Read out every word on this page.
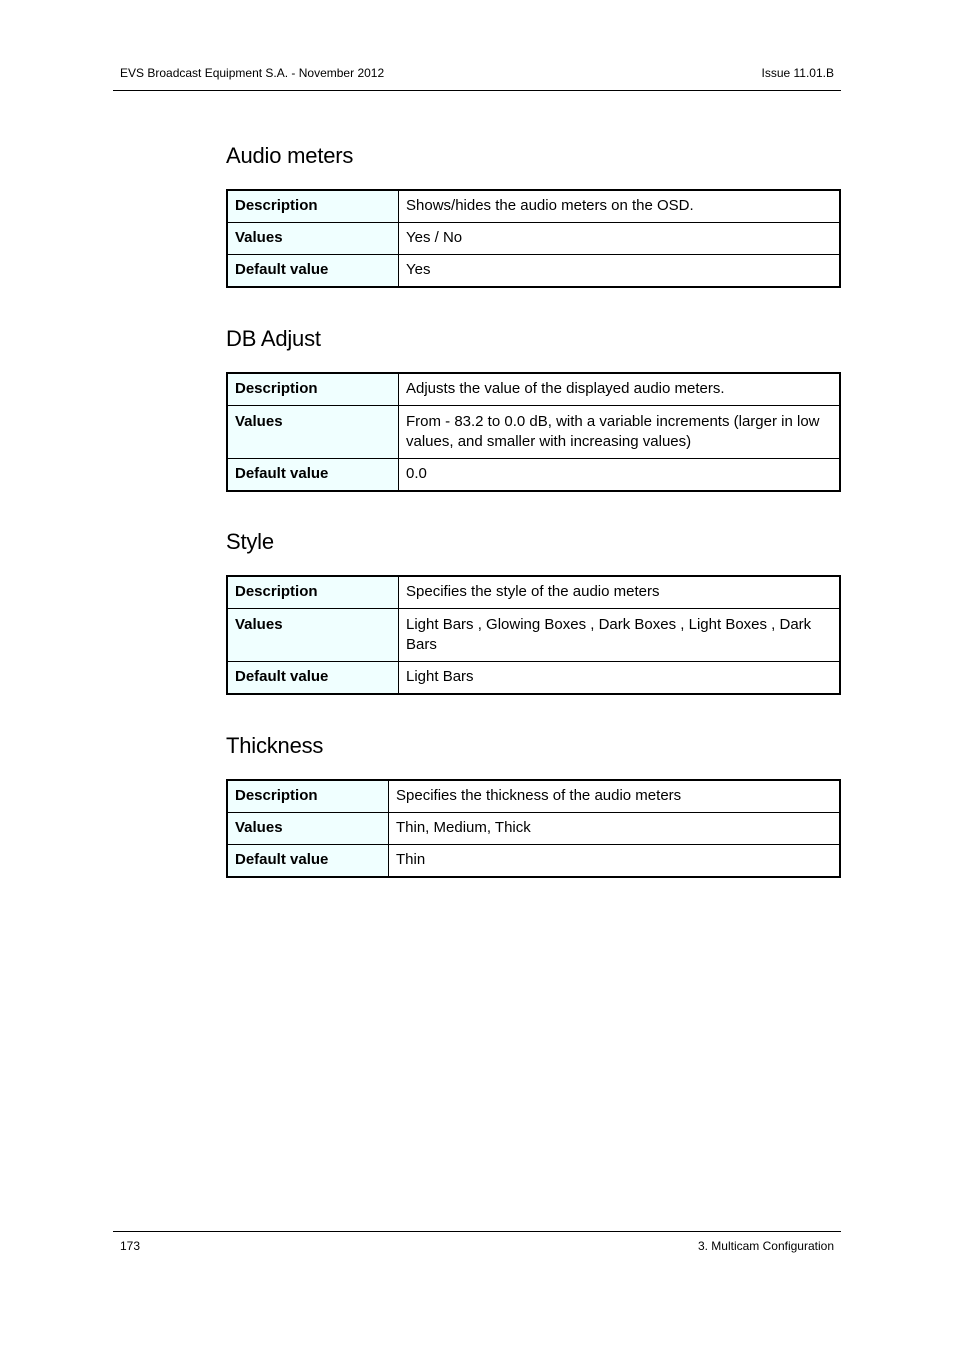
EVS Broadcast Equipment S.A. - November 2012	Issue 11.01.B
Audio meters
Description	Shows/hides the audio meters on the OSD.
Values	Yes / No
Default value	Yes
DB Adjust
Description	Adjusts the value of the displayed audio meters.
Values	From - 83.2 to 0.0 dB, with a variable increments (larger in low values, and smaller with increasing values)
Default value	0.0
Style
Description	Specifies the style of the audio meters
Values	Light Bars , Glowing Boxes , Dark Boxes , Light Boxes , Dark Bars
Default value	Light Bars
Thickness
Description	Specifies the thickness of the audio meters
Values	Thin, Medium, Thick
Default value	Thin
173	3. Multicam Configuration
